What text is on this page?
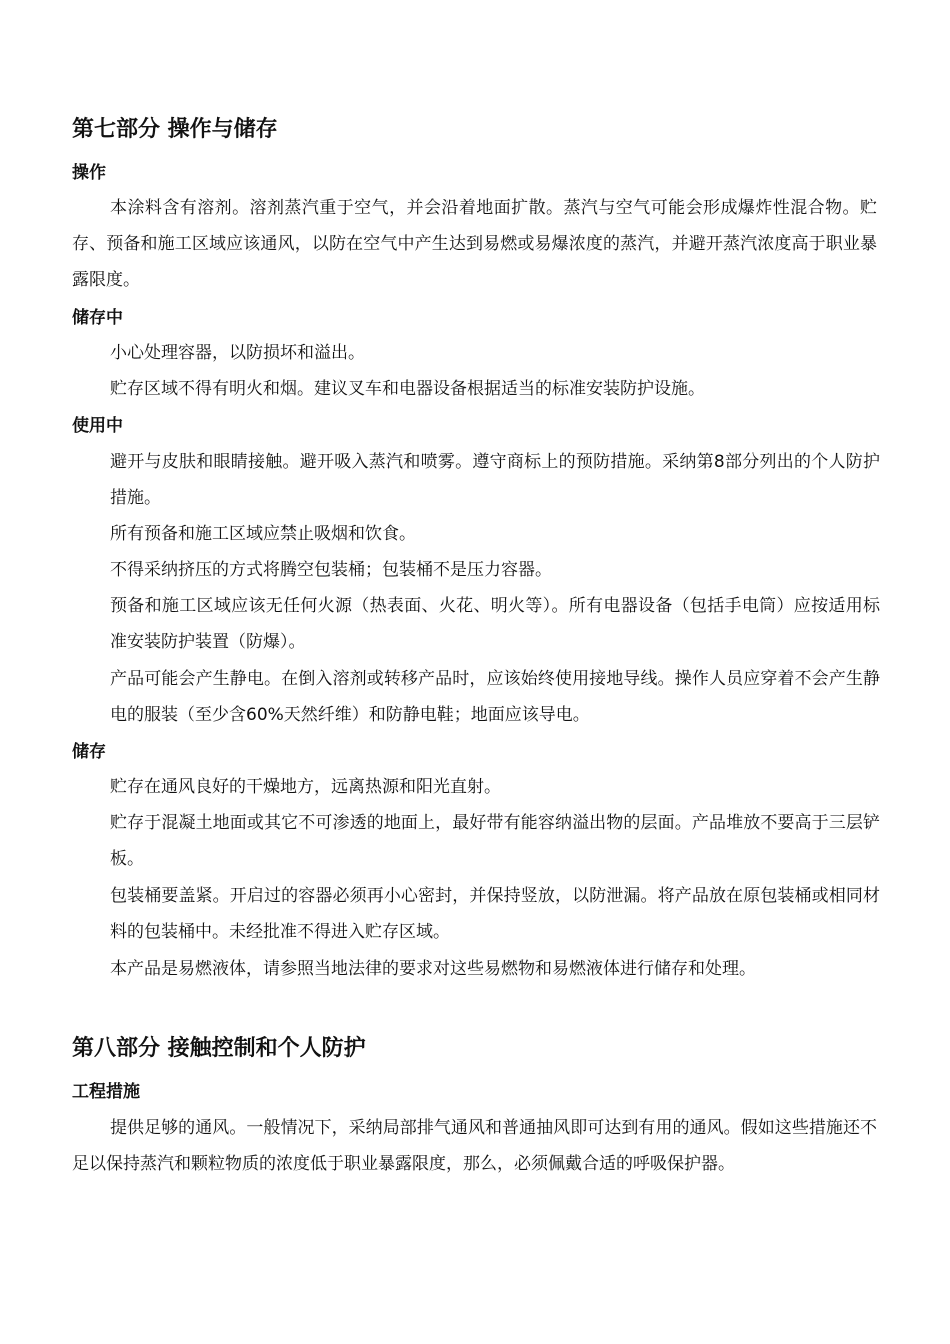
第七部分 操作与储存
操作

本涂料含有溶剂。溶剂蒸汽重于空气，并会沿着地面扩散。蒸汽与空气可能会形成爆炸性混合物。贮存、预备和施工区域应该通风，以防在空气中产生达到易燃或易爆浓度的蒸汽，并避开蒸汽浓度高于职业暴露限度。

储存中

小心处理容器，以防损坏和溢出。

贮存区域不得有明火和烟。建议叉车和电器设备根据适当的标准安装防护设施。

使用中

避开与皮肤和眼睛接触。避开吸入蒸汽和喷雾。遵守商标上的预防措施。采纳第8部分列出的个人防护措施。

所有预备和施工区域应禁止吸烟和饮食。

不得采纳挤压的方式将腾空包装桶；包装桶不是压力容器。

预备和施工区域应该无任何火源（热表面、火花、明火等）。所有电器设备（包括手电筒）应按适用标准安装防护装置（防爆）。

产品可能会产生静电。在倒入溶剂或转移产品时，应该始终使用接地导线。操作人员应穿着不会产生静电的服装（至少含60%天然纤维）和防静电鞋；地面应该导电。

储存

贮存在通风良好的干燥地方，远离热源和阳光直射。

贮存于混凝土地面或其它不可渗透的地面上，最好带有能容纳溢出物的层面。产品堆放不要高于三层铲板。

包装桶要盖紧。开启过的容器必须再小心密封，并保持竖放，以防泄漏。将产品放在原包装桶或相同材料的包装桶中。未经批准不得进入贮存区域。

本产品是易燃液体，请参照当地法律的要求对这些易燃物和易燃液体进行储存和处理。

第八部分 接触控制和个人防护
工程措施

提供足够的通风。一般情况下，采纳局部排气通风和普通抽风即可达到有用的通风。假如这些措施还不足以保持蒸汽和颗粒物质的浓度低于职业暴露限度，那么，必须佩戴合适的呼吸保护器。
